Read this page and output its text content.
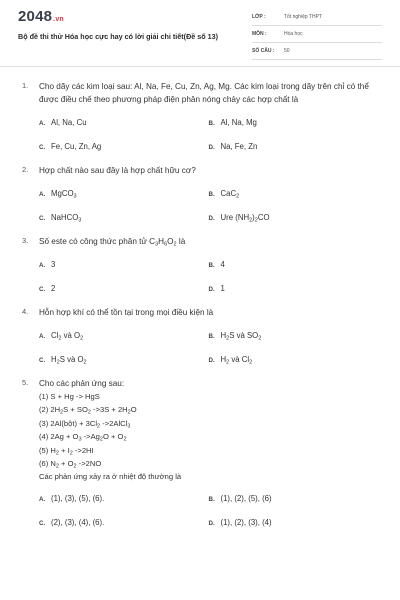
2048.vn
Bộ đề thi thử Hóa học cực hay có lời giải chi tiết(Đề số 13)
LỚP :	Tốt nghiệp THPT
MÔN :	Hóa học
SỐ CÂU : 50
1. Cho dãy các kim loại sau: Al, Na, Fe, Cu, Zn, Ag, Mg. Các kim loại trong dãy trên chỉ có thể được điều chế theo phương pháp điện phân nóng chảy các hợp chất là
A. Al, Na, Cu	B. Al, Na, Mg
C. Fe, Cu, Zn, Ag	D. Na, Fe, Zn
2. Hợp chất nào sau đây là hợp chất hữu cơ?
A. MgCO$_3$	B. CaC$_2$
C. NaHCO$_3$	D. Ure $(NH_2)_2CO$
3. Số este có công thức phân tử $C_3H_6O_2$ là
A. 3	B. 4
C. 2	D. 1
4. Hỗn hợp khí có thể tồn tại trong mọi điều kiện là
A. $Cl_2$ và $O_2$	B. $H_2S$ và $SO_2$
C. $H_2S$ và $O_2$	D. $H_2$ và $Cl_2$
5. Cho các phản ứng sau:
(1) S + Hg -> HgS
(2) $2H_2S + SO_2$ $->3S + 2H_2O$
(3) 2Al(bột) + $3Cl_2$ ->2AlCl$_3$
(4) $2Ag + O_3$ $->Ag_2O + O_2$
(5) $H_2 + I_2$ ->2HI
(6) $N_2 + O_2$ ->2NO
Các phản ứng xảy ra ở nhiệt độ thường là
A. (1), (3), (5), (6).	B. (1), (2), (5), (6)
C. (2), (3), (4), (6).	D. (1), (2), (3), (4)
